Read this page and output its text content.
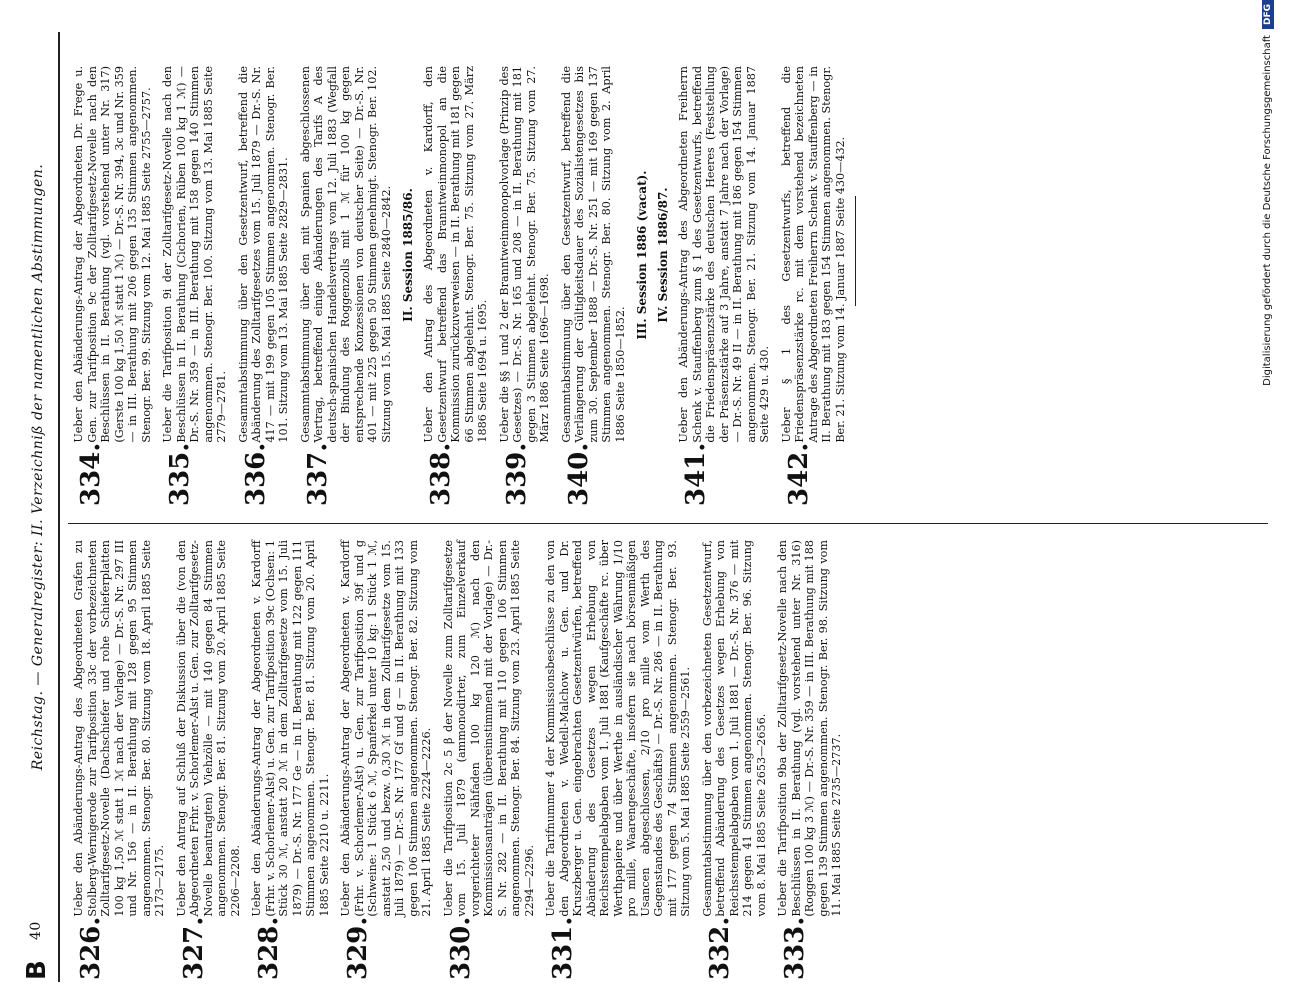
B
40
Reichstag. — Generalregister: II. Verzeichniß der namentlichen Abstimmungen.
326.
Ueber den Abänderungs-Antrag des Abgeordneten Grafen zu Stolberg-Wernigerode zur Tarifposition 33c der vorbezeichneten Zolltarifgesetz-Novelle (Dachschiefer und rohe Schieferplatten 100 kg 1,50 ℳ statt 1 ℳ nach der Vorlage) — Dr.-S. Nr. 297 III und Nr. 156 — in II. Berathung mit 128 gegen 95 Stimmen angenommen. Stenogr. Ber. 80. Sitzung vom 18. April 1885 Seite 2173—2175.
327.
Ueber den Antrag auf Schluß der Diskussion über die (von den Abgeordneten Frhr. v. Schorlemer-Alst u. Gen. zur Zolltarifgesetz-Novelle beantragten) Viehzölle — mit 140 gegen 84 Stimmen angenommen. Stenogr. Ber. 81. Sitzung vom 20. April 1885 Seite 2206—2208.
328.
Ueber den Abänderungs-Antrag der Abgeordneten v. Kardorff (Frhr. v. Schorlemer-Alst) u. Gen. zur Tarifposition 39c (Ochsen: 1 Stück 30 ℳ, anstatt 20 ℳ in dem Zolltarifgesetze vom 15. Juli 1879) — Dr.-S. Nr. 177 Ge — in II. Berathung mit 122 gegen 111 Stimmen angenommen. Stenogr. Ber. 81. Sitzung vom 20. April 1885 Seite 2210 u. 2211.
329.
Ueber den Abänderungs-Antrag der Abgeordneten v. Kardorff (Frhr. v. Schorlemer-Alst) u. Gen. zur Tarifposition 39f und g (Schweine: 1 Stück 6 ℳ, Spanferkel unter 10 kg: 1 Stück 1 ℳ, anstatt 2,50 und bezw. 0,30 ℳ in dem Zolltarifgesetze vom 15. Juli 1879) — Dr.-S. Nr. 177 Gf und g — in II. Berathung mit 133 gegen 106 Stimmen angenommen. Stenogr. Ber. 82. Sitzung vom 21. April 1885 Seite 2224—2226.
330.
Ueber die Tarifposition 2c 5 β der Novelle zum Zolltarifgesetze vom 15. Juli 1879 (ammonodirter, zum Einzelverkauf vorgerichteter Nähfaden 100 kg 120 ℳ) nach den Kommissionsanträgen (übereinstimmend mit der Vorlage) — Dr.-S. Nr. 282 — in II. Berathung mit 110 gegen 106 Stimmen angenommen. Stenogr. Ber. 84. Sitzung vom 23. April 1885 Seite 2294—2296.
331.
Ueber die Tarifnummer 4 der Kommissionsbeschlüsse zu den von den Abgeordneten v. Wedell-Malchow u. Gen. und Dr. Kruszberger u. Gen. eingebrachten Gesetzentwürfen, betreffend Abänderung des Gesetzes wegen Erhebung von Reichsstempelabgaben vom 1. Juli 1881 (Kaufgeschäfte rc. über Werthpapiere und über Werthe in ausländischer Währung 1/10 pro mille, Waarengeschäfte, insofern sie nach börsenmäßigen Usancen abgeschlossen, 2/10 pro mille vom Werth des Gegenstandes des Geschäfts) — Dr.-S. Nr. 286 — in II. Berathung mit 177 gegen 74 Stimmen angenommen. Stenogr. Ber. 93. Sitzung vom 5. Mai 1885 Seite 2559—2561.
332.
Gesammtabstimmung über den vorbezeichneten Gesetzentwurf, betreffend Abänderung des Gesetzes wegen Erhebung von Reichsstempelabgaben vom 1. Juli 1881 — Dr.-S. Nr. 376 — mit 214 gegen 41 Stimmen angenommen. Stenogr. Ber. 96. Sitzung vom 8. Mai 1885 Seite 2653—2656.
333.
Ueber die Tarifposition 9ba der Zolltarifgesetz-Novelle nach den Beschlüssen in II. Berathung (vgl. vorstehend unter Nr. 316) (Roggen 100 kg 3 ℳ) — Dr.-S. Nr. 359 — in III. Berathung mit 188 gegen 139 Stimmen angenommen. Stenogr. Ber. 98. Sitzung vom 11. Mai 1885 Seite 2735—2737.
334.
Ueber den Abänderungs-Antrag der Abgeordneten Dr. Frege u. Gen. zur Tarifposition 9c der Zolltarifgesetz-Novelle nach den Beschlüssen in II. Berathung (vgl. vorstehend unter Nr. 317) (Gerste 100 kg 1,50 ℳ statt 1 ℳ) — Dr.-S. Nr. 394, 3c und Nr. 359 — in III. Berathung mit 206 gegen 135 Stimmen angenommen. Stenogr. Ber. 99. Sitzung vom 12. Mai 1885 Seite 2755—2757.
335.
Ueber die Tarifposition 9i der Zolltarifgesetz-Novelle nach den Beschlüssen in II. Berathung (Cichorien, Rüben 100 kg 1 ℳ) — Dr.-S. Nr. 359 — in III. Berathung mit 158 gegen 140 Stimmen angenommen. Stenogr. Ber. 100. Sitzung vom 13. Mai 1885 Seite 2779—2781.
336.
Gesammtabstimmung über den Gesetzentwurf, betreffend die Abänderung des Zolltarifgesetzes vom 15. Juli 1879 — Dr.-S. Nr. 417 — mit 199 gegen 105 Stimmen angenommen. Stenogr. Ber. 101. Sitzung vom 13. Mai 1885 Seite 2829—2831.
337.
Gesammtabstimmung über den mit Spanien abgeschlossenen Vertrag, betreffend einige Abänderungen des Tarifs A des deutsch-spanischen Handelsvertrags vom 12. Juli 1883 (Wegfall der Bindung des Roggenzolls mit 1 ℳ für 100 kg gegen entsprechende Konzessionen von deutscher Seite) — Dr.-S. Nr. 401 — mit 225 gegen 50 Stimmen genehmigt. Stenogr. Ber. 102. Sitzung vom 15. Mai 1885 Seite 2840—2842. II. Session 1885/86.
338.
Ueber den Antrag des Abgeordneten v. Kardorff, den Gesetzentwurf betreffend das Branntweinmonopol an die Kommission zurückzuverweisen — in II. Berathung mit 181 gegen 66 Stimmen abgelehnt. Stenogr. Ber. 75. Sitzung vom 27. März 1886 Seite 1694 u. 1695.
339.
Ueber die §§ 1 und 2 der Branntweinmonopolvorlage (Prinzip des Gesetzes) — Dr.-S. Nr. 165 und 208 — in II. Berathung mit 181 gegen 3 Stimmen abgelehnt. Stenogr. Ber. 75. Sitzung vom 27. März 1886 Seite 1696—1698.
340.
Gesammtabstimmung über den Gesetzentwurf, betreffend die Verlängerung der Gültigkeitsdauer des Sozialistengesetzes bis zum 30. September 1888 — Dr.-S. Nr. 251 — mit 169 gegen 137 Stimmen angenommen. Stenogr. Ber. 80. Sitzung vom 2. April 1886 Seite 1850—1852.
III. Session 1886 (vacat). IV. Session 1886/87.
341.
Ueber den Abänderungs-Antrag des Abgeordneten Freiherrn Schenk v. Stauffenberg zum § 1 des Gesetzentwurfs, betreffend die Friedenspräsenzstärke des deutschen Heeres (Feststellung der Präsenzstärke auf 3 Jahre, anstatt 7 Jahre nach der Vorlage) — Dr.-S. Nr. 49 II — in II. Berathung mit 186 gegen 154 Stimmen angenommen. Stenogr. Ber. 21. Sitzung vom 14. Januar 1887 Seite 429 u. 430.
342.
Ueber § 1 des Gesetzentwurfs, betreffend die Friedenspräsenzstärke rc. mit dem vorstehend bezeichneten Antrage des Abgeordneten Freiherrn Schenk v. Stauffenberg — in II. Berathung mit 183 gegen 154 Stimmen angenommen. Stenogr. Ber. 21. Sitzung vom 14. Januar 1887 Seite 430—432.	Digitalisierung gefördert durch die Deutsche ForschungsgemeinschaftDFG
